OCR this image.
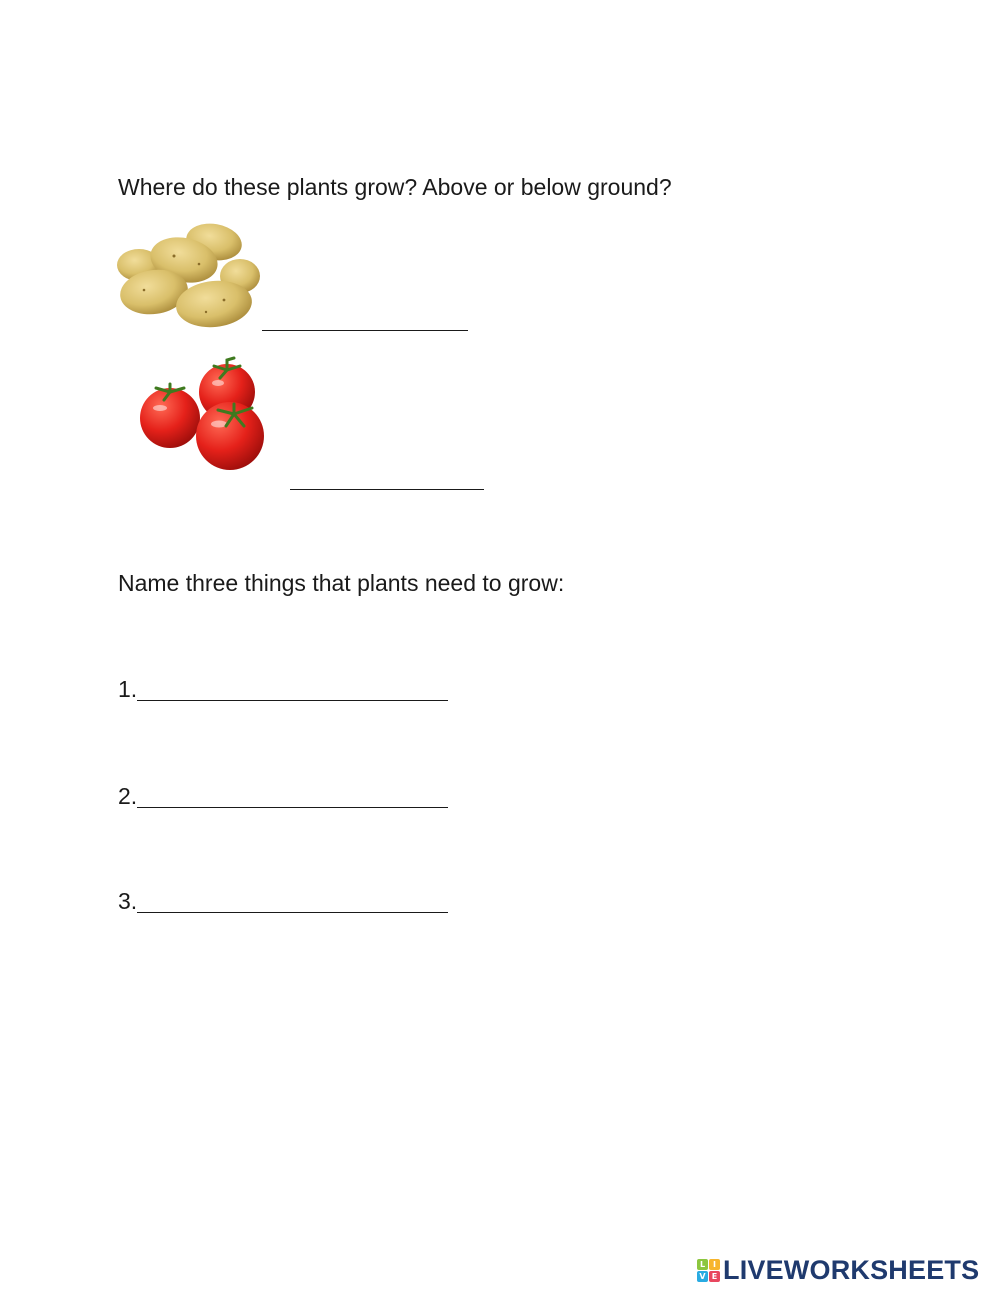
Where do these plants grow? Above or below ground?
Name three things that plants need to grow:
1.
2.
3.
L I
V E LIVEWORKSHEETS
